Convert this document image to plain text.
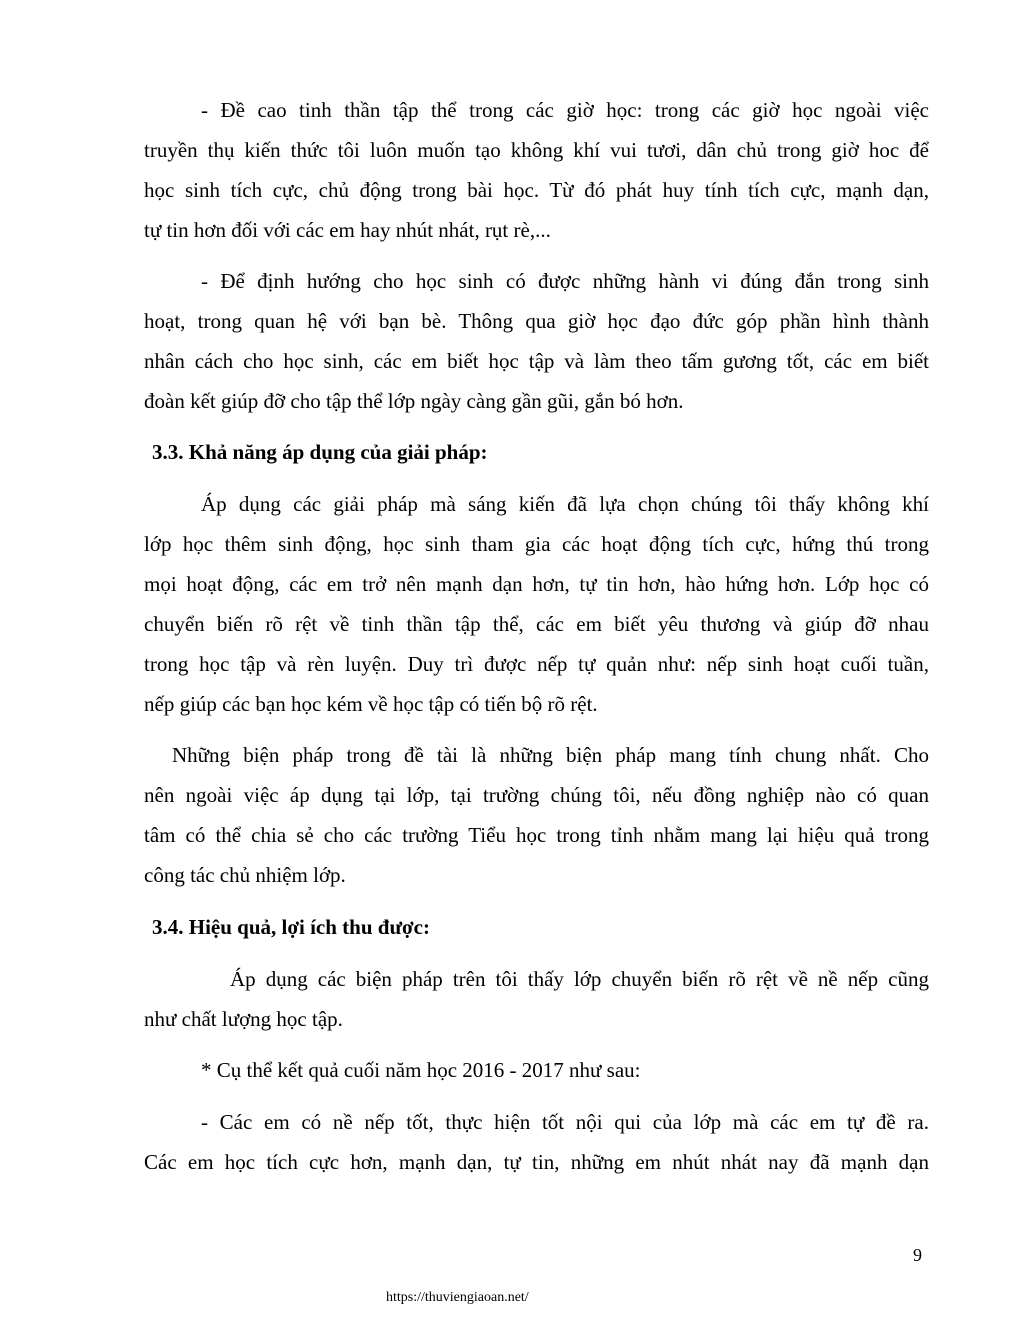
- Đề cao tinh thần tập thể trong các giờ học: trong các giờ học ngoài việc
truyền thụ kiến thức tôi luôn muốn tạo không khí vui tươi, dân chủ trong giờ hoc để
học sinh tích cực, chủ động trong bài học. Từ đó phát huy tính tích cực, mạnh dạn,
tự tin hơn đối với các em hay nhút nhát, rụt rè,...

- Để định hướng cho học sinh có được những hành vi đúng đắn trong sinh
hoạt, trong quan hệ với bạn bè. Thông qua giờ học đạo đức góp phần hình thành
nhân cách cho học sinh, các em biết học tập và làm theo tấm gương tốt, các em biết
đoàn kết giúp đỡ cho tập thể lớp ngày càng gần gũi, gắn bó hơn.

3.3. Khả năng áp dụng của giải pháp:

Áp dụng các giải pháp mà sáng kiến đã lựa chọn chúng tôi thấy không khí
lớp học thêm sinh động, học sinh tham gia các hoạt động tích cực, hứng thú trong
mọi hoạt động, các em trở nên mạnh dạn hơn, tự tin hơn, hào hứng hơn. Lớp học có
chuyển biến rõ rệt về tinh thần tập thể, các em biết yêu thương và giúp đỡ nhau
trong học tập và rèn luyện. Duy trì được nếp tự quản như: nếp sinh hoạt cuối tuần,
nếp giúp các bạn học kém về học tập có tiến bộ rõ rệt.

Những biện pháp trong đề tài là những biện pháp mang tính chung nhất. Cho
nên ngoài việc áp dụng tại lớp, tại trường chúng tôi, nếu đồng nghiệp nào có quan
tâm có thể chia sẻ cho các trường Tiểu học trong tỉnh nhằm mang lại hiệu quả trong
công tác chủ nhiệm lớp.

3.4. Hiệu quả, lợi ích thu được:

Áp dụng các biện pháp trên tôi thấy lớp chuyển biến rõ rệt về nề nếp cũng
như chất lượng học tập.

* Cụ thể kết quả cuối năm học 2016 - 2017 như sau:

- Các em có nề nếp tốt, thực hiện tốt nội qui của lớp mà các em tự đề ra.
Các em học tích cực hơn, mạnh dạn, tự tin, những em nhút nhát nay đã mạnh dạn

9
https://thuviengiaoan.net/
